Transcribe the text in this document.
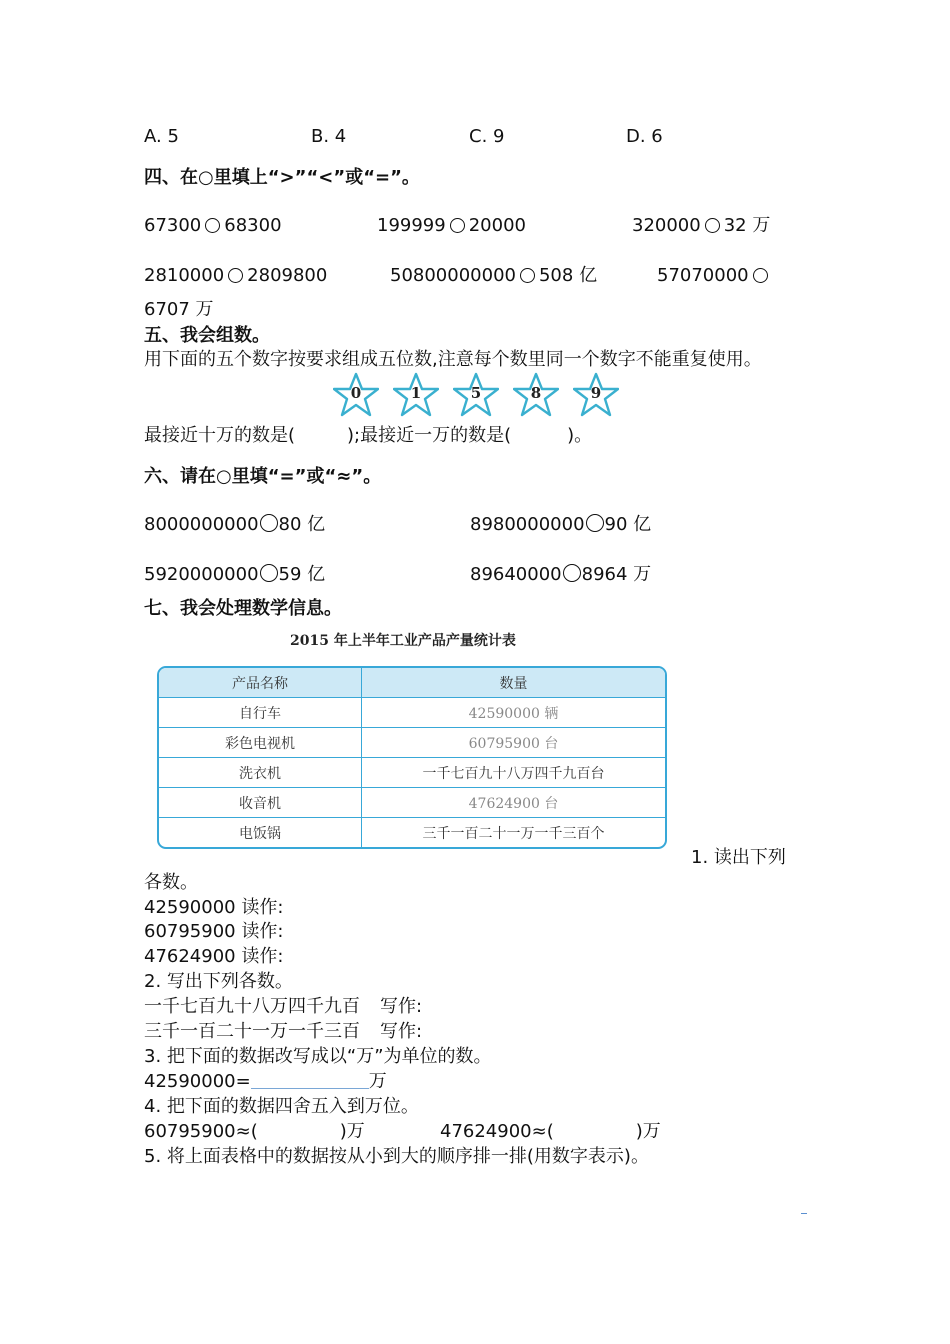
A. 5	B. 4	C. 9	D. 6
四、在○里填上“>”“<”或“=”。
67300 68300	199999 20000	320000 32 万
2810000 2809800	50800000000 508 亿	57070000
6707 万
五、我会组数。
用下面的五个数字按要求组成五位数,注意每个数里同一个数字不能重复使用。
0	1	5	8	9
最接近十万的数是(	);最接近一万的数是(	)。
六、请在○里填“=”或“≈”。
8000000000 80 亿	8980000000 90 亿
5920000000 59 亿	89640000 8964 万
七、我会处理数学信息。
2015 年上半年工业产品产量统计表
产品名称	数量
自行车	42590000 辆
彩色电视机	60795900 台
洗衣机	一千七百九十八万四千九百台
收音机	47624900 台
电饭锅	三千一百二十一万一千三百个
1. 读出下列
各数。
42590000 读作:
60795900 读作:
47624900 读作:
2. 写出下列各数。
一千七百九十八万四千九百 写作:
三千一百二十一万一千三百 写作:
3. 把下面的数据改写成以“万”为单位的数。
42590000=	万
4. 把下面的数据四舍五入到万位。
60795900≈(	)万	47624900≈(	)万
5. 将上面表格中的数据按从小到大的顺序排一排(用数字表示)。
